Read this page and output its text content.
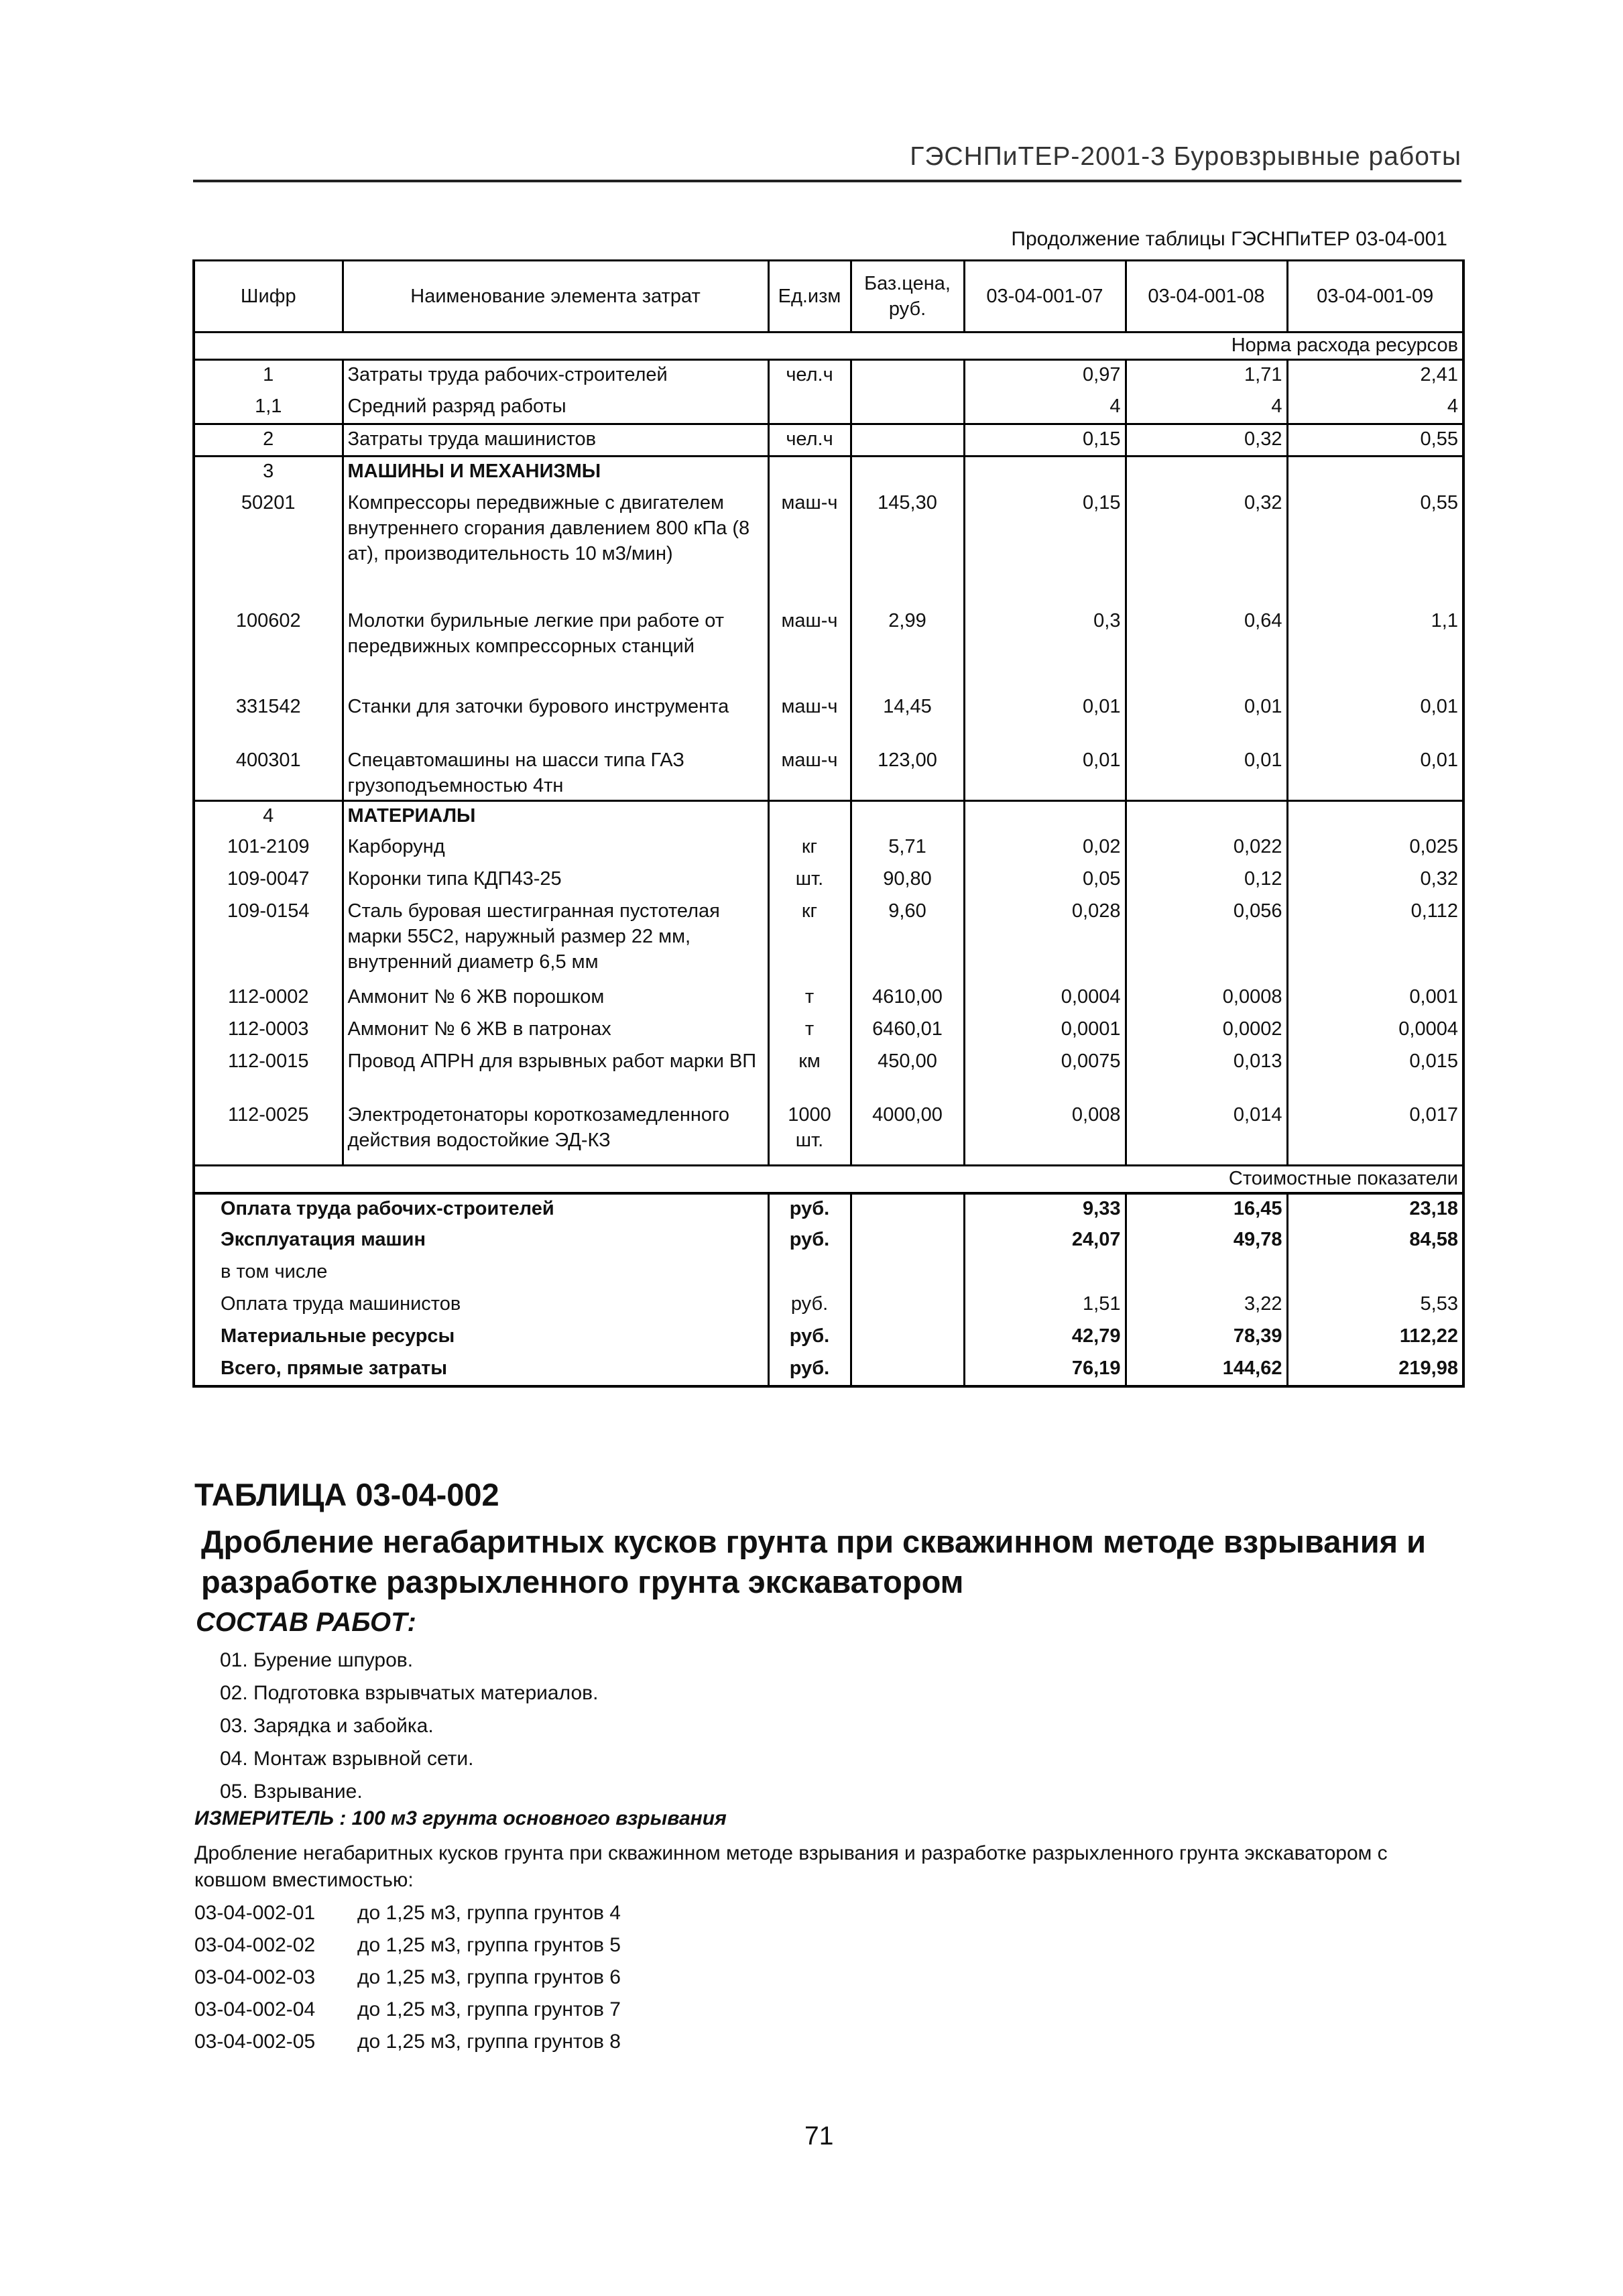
ГЭСНПиТЕР-2001-3 Буровзрывные работы
Продолжение таблицы ГЭСНПиТЕР 03-04-001
Шифр	Наименование элемента затрат	Ед.изм	Баз.цена, руб.	03-04-001-07	03-04-001-08	03-04-001-09
Норма расхода ресурсов						
1	Затраты труда рабочих-строителей	чел.ч		0,97	1,71	2,41
1,1	Средний разряд работы			4	4	4
2	Затраты труда машинистов	чел.ч		0,15	0,32	0,55
3	МАШИНЫ И МЕХАНИЗМЫ					
50201	Компрессоры передвижные с двигателем внутреннего сгорания давлением 800 кПа (8 ат), производительность 10 м3/мин)	маш-ч	145,30	0,15	0,32	0,55
100602	Молотки бурильные легкие при работе от передвижных компрессорных станций	маш-ч	2,99	0,3	0,64	1,1
331542	Станки для заточки бурового инструмента	маш-ч	14,45	0,01	0,01	0,01
400301	Спецавтомашины на шасси типа ГАЗ грузоподъемностью 4тн	маш-ч	123,00	0,01	0,01	0,01
4	МАТЕРИАЛЫ					
101-2109	Карборунд	кг	5,71	0,02	0,022	0,025
109-0047	Коронки типа КДП43-25	шт.	90,80	0,05	0,12	0,32
109-0154	Сталь буровая шестигранная пустотелая марки 55С2, наружный размер 22 мм, внутренний диаметр 6,5 мм	кг	9,60	0,028	0,056	0,112
112-0002	Аммонит № 6 ЖВ порошком	т	4610,00	0,0004	0,0008	0,001
112-0003	Аммонит № 6 ЖВ в патронах	т	6460,01	0,0001	0,0002	0,0004
112-0015	Провод АПРН для взрывных работ марки ВП	км	450,00	0,0075	0,013	0,015
112-0025	Электродетонаторы короткозамедленного действия водостойкие ЭД-КЗ	1000 шт.	4000,00	0,008	0,014	0,017
Стоимостные показатели						
Оплата труда рабочих-строителей		руб.		9,33	16,45	23,18
Эксплуатация машин		руб.		24,07	49,78	84,58
в том числе						
Оплата труда машинистов		руб.		1,51	3,22	5,53
Материальные ресурсы		руб.		42,79	78,39	112,22
Всего, прямые затраты		руб.		76,19	144,62	219,98
ТАБЛИЦА 03-04-002
Дробление негабаритных кусков грунта при скважинном методе взрывания и разработке разрыхленного грунта экскаватором
СОСТАВ РАБОТ:
01. Бурение шпуров.
02. Подготовка взрывчатых материалов.
03. Зарядка и забойка.
04. Монтаж взрывной сети.
05. Взрывание.
ИЗМЕРИТЕЛЬ : 100 м3 грунта основного взрывания
Дробление негабаритных кусков грунта при скважинном методе взрывания и разработке разрыхленного грунта экскаватором с ковшом вместимостью:
03-04-002-01	до 1,25 м3, группа грунтов 4
03-04-002-02	до 1,25 м3, группа грунтов 5
03-04-002-03	до 1,25 м3, группа грунтов 6
03-04-002-04	до 1,25 м3, группа грунтов 7
03-04-002-05	до 1,25 м3, группа грунтов 8
71
